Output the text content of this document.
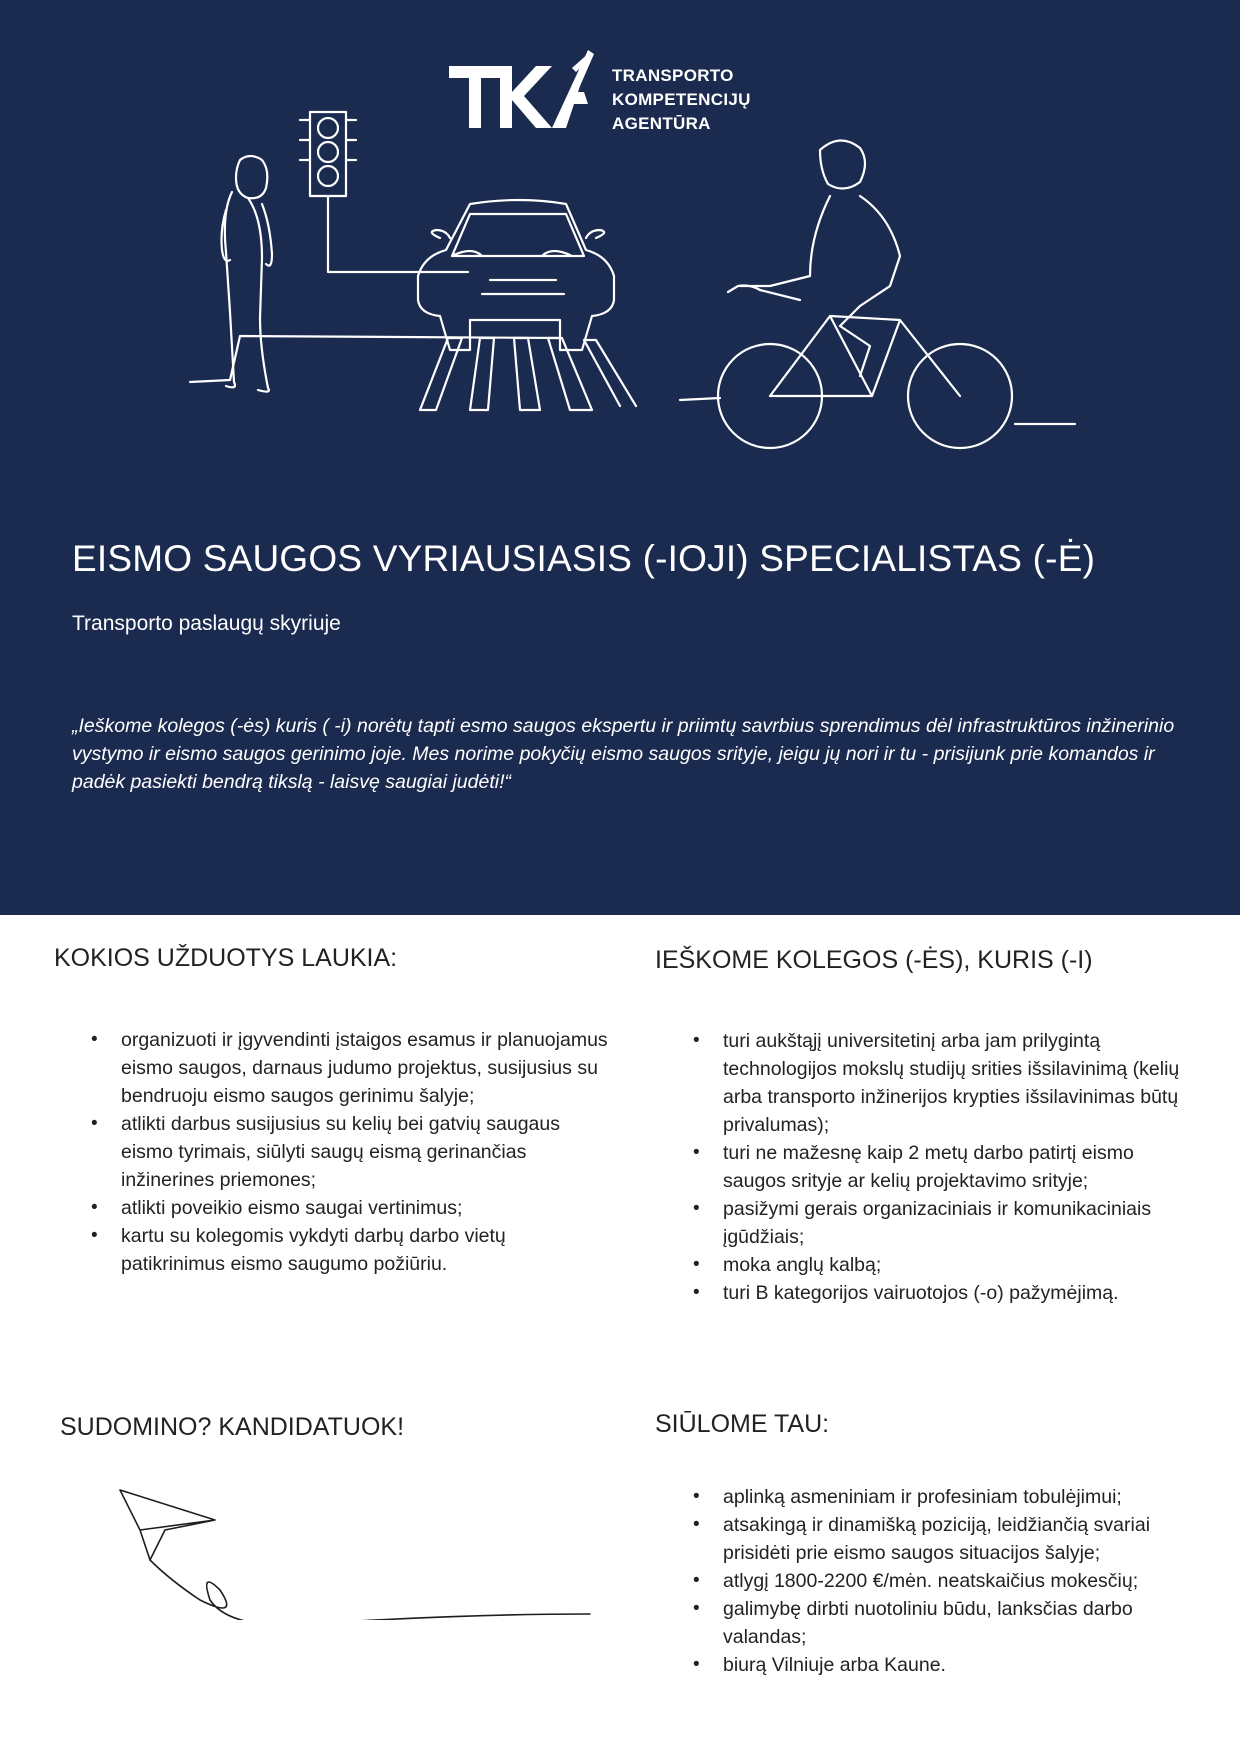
TRANSPORTO
KOMPETENCIJŲ
AGENTŪRA
EISMO SAUGOS VYRIAUSIASIS (-IOJI) SPECIALISTAS (-Ė)
Transporto paslaugų skyriuje
„Ieškome kolegos (-ės) kuris ( -i) norėtų tapti esmo saugos ekspertu ir priimtų savrbius sprendimus dėl infrastruktūros inžinerinio vystymo ir eismo saugos gerinimo joje. Mes norime pokyčių eismo saugos srityje, jeigu jų nori ir tu - prisijunk prie komandos ir padėk pasiekti bendrą tikslą - laisvę saugiai judėti!“
KOKIOS UŽDUOTYS LAUKIA:
• organizuoti ir įgyvendinti įstaigos esamus ir planuojamus eismo saugos, darnaus judumo projektus, susijusius su bendruoju eismo saugos gerinimu šalyje;
• atlikti darbus susijusius su kelių bei gatvių saugaus eismo tyrimais, siūlyti saugų eismą gerinančias inžinerines priemones;
• atlikti poveikio eismo saugai vertinimus;
• kartu su kolegomis vykdyti darbų darbo vietų patikrinimus eismo saugumo požiūriu.
IEŠKOME KOLEGOS (-ĖS), KURIS (-I)
• turi aukštąjį universitetinį arba jam prilygintą technologijos mokslų studijų srities išsilavinimą (kelių arba transporto inžinerijos krypties išsilavinimas būtų privalumas);
• turi ne mažesnę kaip 2 metų darbo patirtį eismo saugos srityje ar kelių projektavimo srityje;
• pasižymi gerais organizaciniais ir komunikaciniais įgūdžiais;
• moka anglų kalbą;
• turi B kategorijos vairuotojos (-o) pažymėjimą.
SUDOMINO? KANDIDATUOK!	SIŪLOME TAU:
• aplinką asmeniniam ir profesiniam tobulėjimui;
• atsakingą ir dinamišką poziciją, leidžiančią svariai prisidėti prie eismo saugos situacijos šalyje;
• atlygį 1800-2200 €/mėn. neatskaičius mokesčių;
• galimybę dirbti nuotoliniu būdu, lanksčias darbo valandas;
• biurą Vilniuje arba Kaune.
